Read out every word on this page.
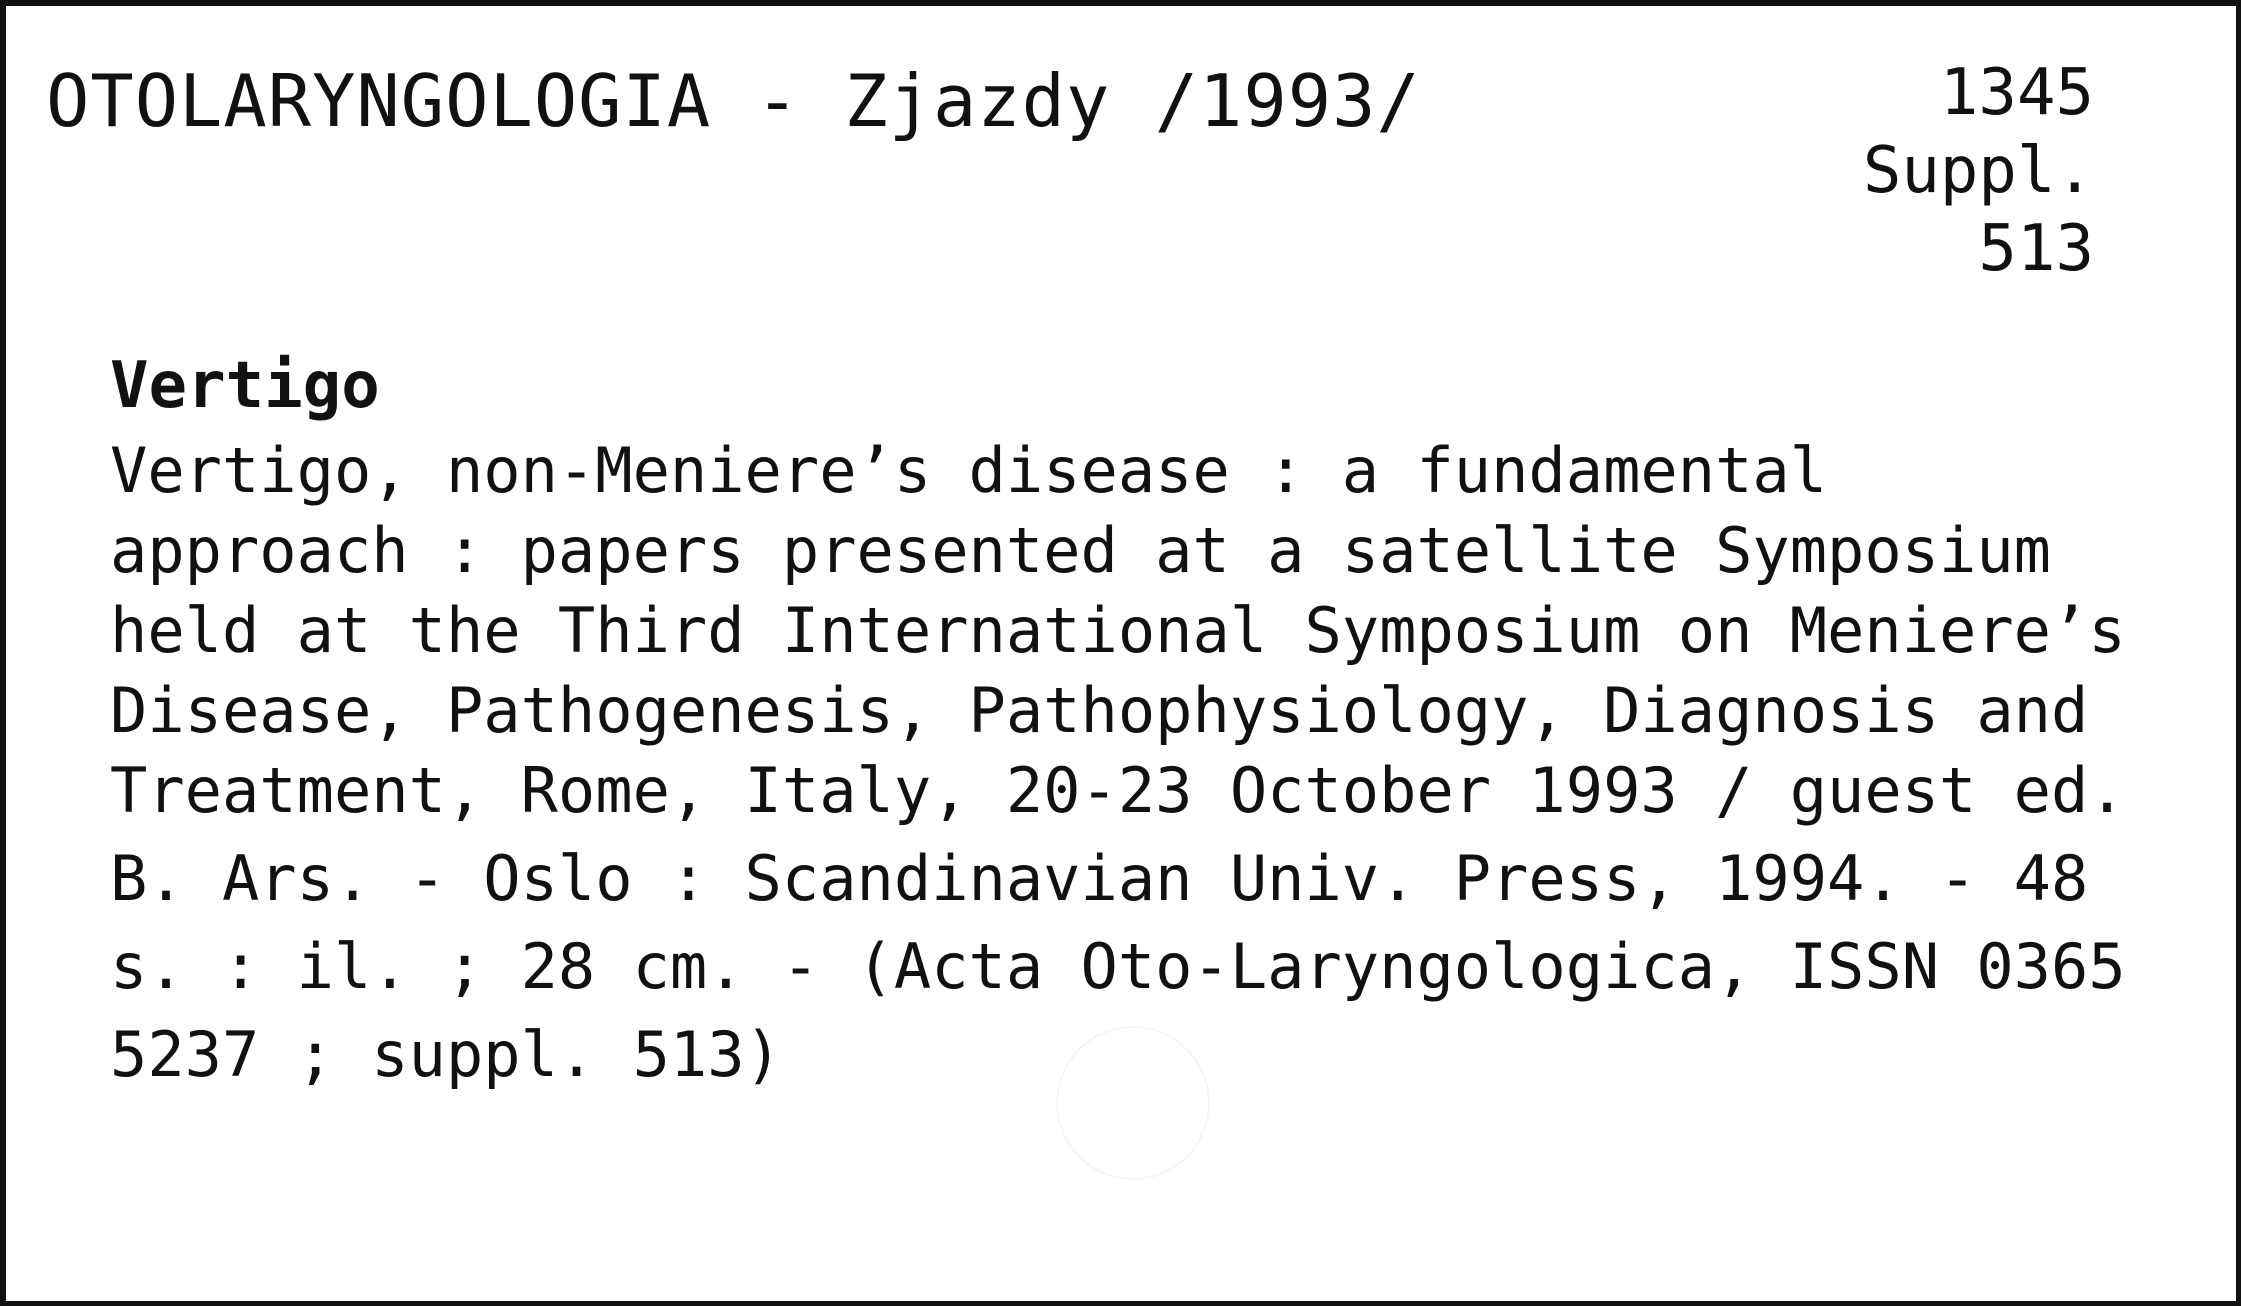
OTOLARYNGOLOGIA - Zjazdy /1993/	1345
Suppl.
513
Vertigo
Vertigo, non-Meniere’s disease : a fundamental
approach : papers presented at a satellite Symposium
held at the Third International Symposium on Meniere’s
Disease, Pathogenesis, Pathophysiology, Diagnosis and
Treatment, Rome, Italy, 20-23 October 1993 / guest ed.
B. Ars. - Oslo : Scandinavian Univ. Press, 1994. - 48
s. : il. ; 28 cm. - (Acta Oto-Laryngologica, ISSN 0365
5237 ; suppl. 513)
